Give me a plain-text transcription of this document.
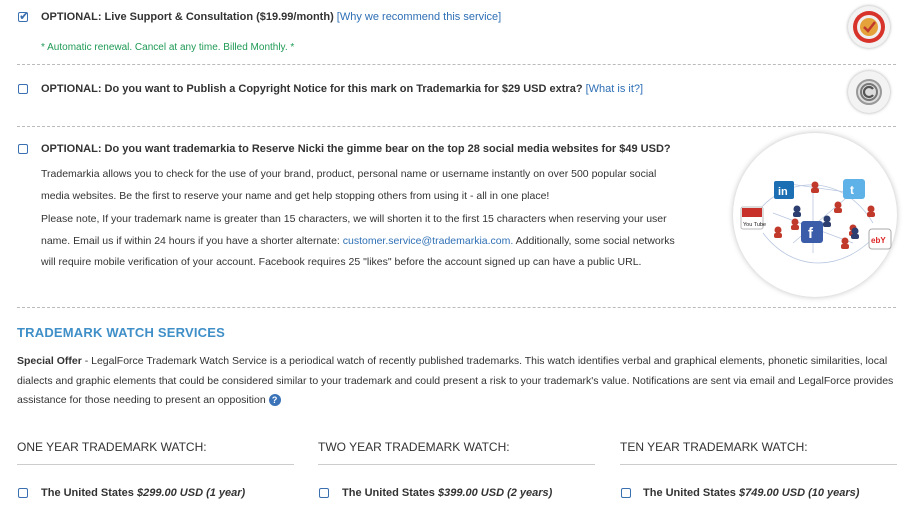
✔
OPTIONAL: Live Support & Consultation ($19.99/month) [Why we recommend this service]
* Automatic renewal. Cancel at any time. Billed Monthly. *
OPTIONAL: Do you want to Publish a Copyright Notice for this mark on Trademarkia for $29 USD extra? [What is it?]
OPTIONAL: Do you want trademarkia to Reserve Nicki the gimme bear on the top 28 social media websites for $49 USD?
Trademarkia allows you to check for the use of your brand, product, personal name or username instantly on over 500 popular social media websites. Be the first to reserve your name and get help stopping others from using it - all in one place!
Please note, If your trademark name is greater than 15 characters, we will shorten it to the first 15 characters when reserving your user name. Email us if within 24 hours if you have a shorter alternate: customer.service@trademarkia.com. Additionally, some social networks will require mobile verification of your account. Facebook requires 25 "likes" before the account signed up can have a public URL.
in	t
You Tube	f	ebY
TRADEMARK WATCH SERVICES
Special Offer - LegalForce Trademark Watch Service is a periodical watch of recently published trademarks. This watch identifies verbal and graphical elements, phonetic similarities, local dialects and graphic elements that could be considered similar to your trademark and could present a risk to your trademark's value. Notifications are sent via email and LegalForce provides assistance for those needing to present an opposition ?
ONE YEAR TRADEMARK WATCH:
The United States $299.00 USD (1 year)
TWO YEAR TRADEMARK WATCH:
The United States $399.00 USD (2 years)
TEN YEAR TRADEMARK WATCH:
The United States $749.00 USD (10 years)
